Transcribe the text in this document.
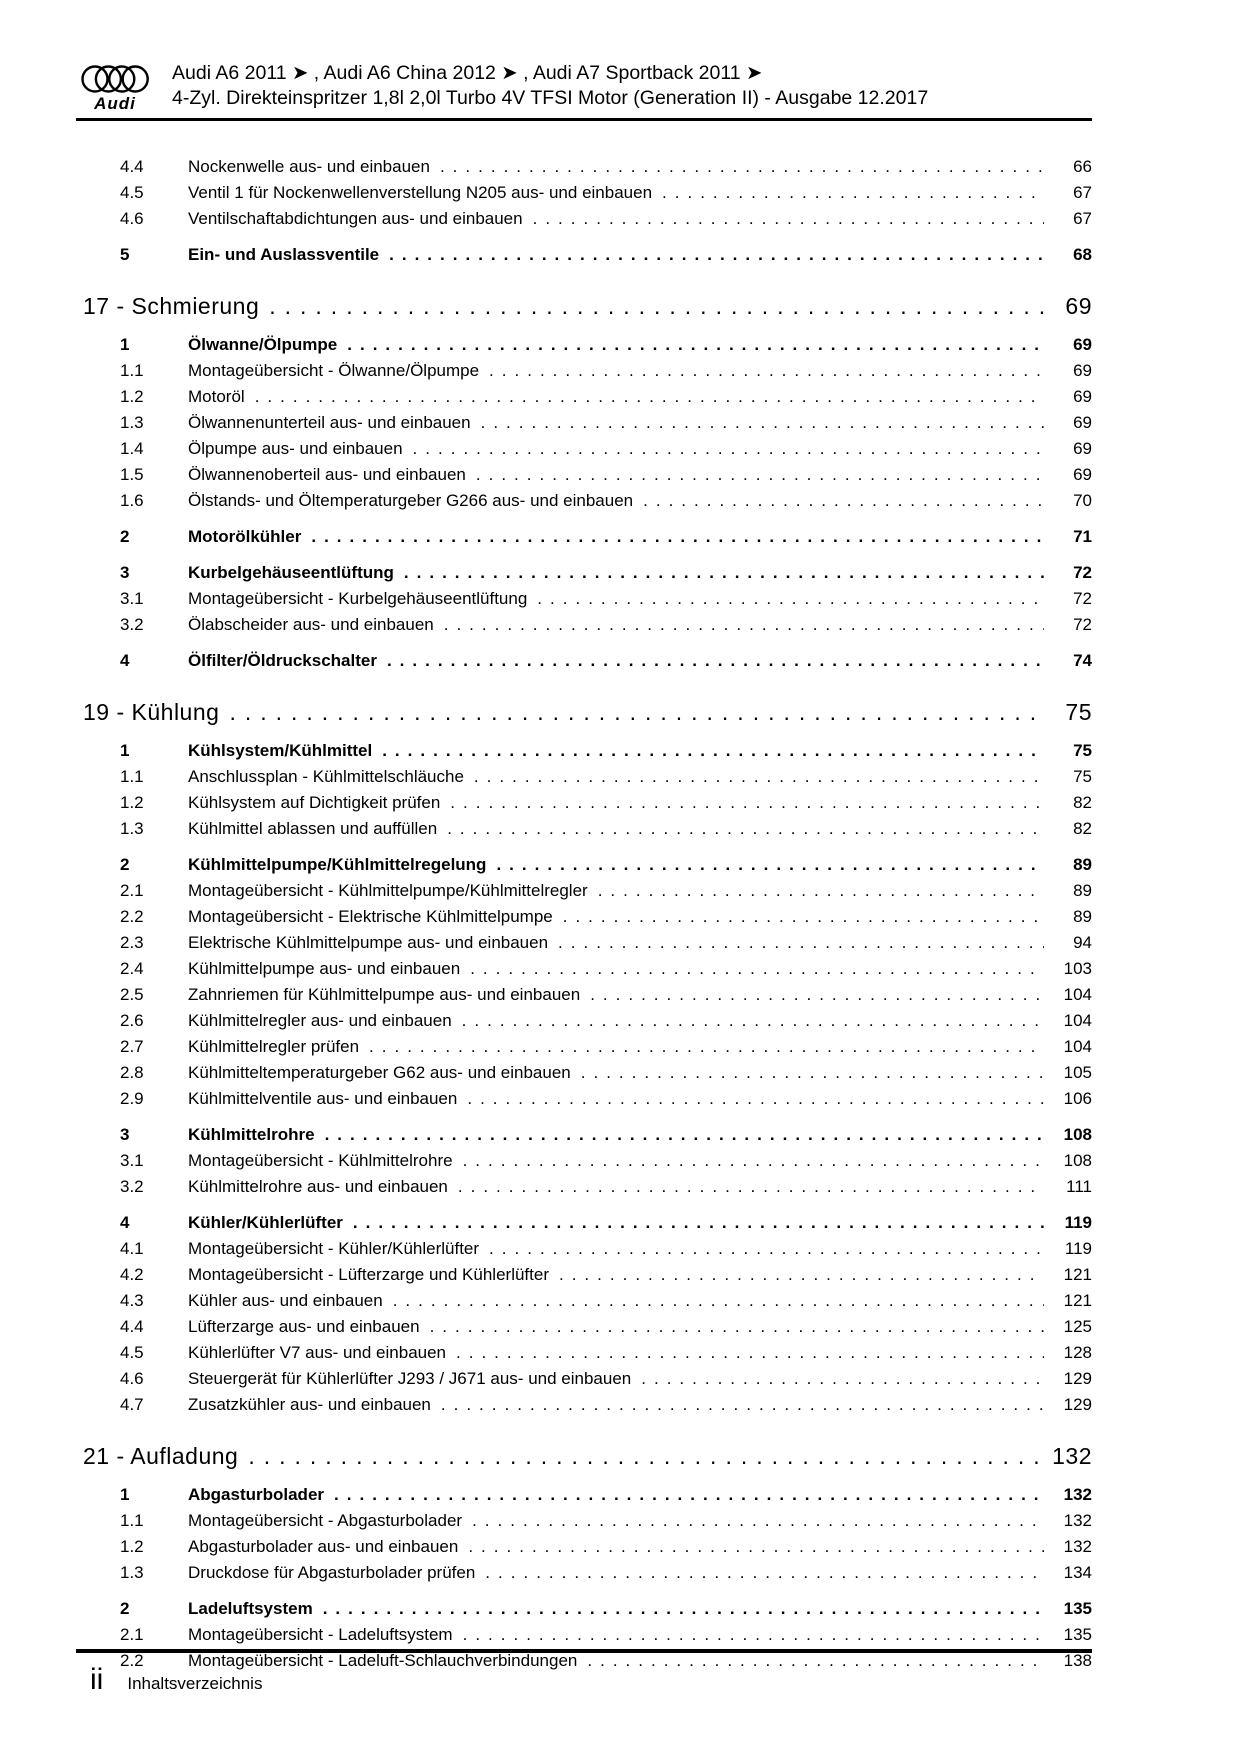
Audi
Audi A6 2011 ➤ , Audi A6 China 2012 ➤ , Audi A7 Sportback 2011 ➤
4-Zyl. Direkteinspritzer 1,8l 2,0l Turbo 4V TFSI Motor (Generation II) - Ausgabe 12.2017
4.4	Nockenwelle aus- und einbauen .....	66
4.5	Ventil 1 für Nockenwellenverstellung N205 aus- und einbauen .....	67
4.6	Ventilschaftabdichtungen aus- und einbauen .....	67
5	Ein- und Auslassventile .....	68
17 - Schmierung .....	69
1	Ölwanne/Ölpumpe .....	69
1.1	Montageübersicht - Ölwanne/Ölpumpe .....	69
1.2	Motoröl .....	69
1.3	Ölwannenunterteil aus- und einbauen .....	69
1.4	Ölpumpe aus- und einbauen .....	69
1.5	Ölwannenoberteil aus- und einbauen .....	69
1.6	Ölstands- und Öltemperaturgeber G266 aus- und einbauen .....	70
2	Motorölkühler .....	71
3	Kurbelgehäuseentlüftung .....	72
3.1	Montageübersicht - Kurbelgehäuseentlüftung .....	72
3.2	Ölabscheider aus- und einbauen .....	72
4	Ölfilter/Öldruckschalter .....	74
19 - Kühlung .....	75
1	Kühlsystem/Kühlmittel .....	75
1.1	Anschlussplan - Kühlmittelschläuche .....	75
1.2	Kühlsystem auf Dichtigkeit prüfen .....	82
1.3	Kühlmittel ablassen und auffüllen .....	82
2	Kühlmittelpumpe/Kühlmittelregelung .....	89
2.1	Montageübersicht - Kühlmittelpumpe/Kühlmittelregler .....	89
2.2	Montageübersicht - Elektrische Kühlmittelpumpe .....	89
2.3	Elektrische Kühlmittelpumpe aus- und einbauen .....	94
2.4	Kühlmittelpumpe aus- und einbauen .....	103
2.5	Zahnriemen für Kühlmittelpumpe aus- und einbauen .....	104
2.6	Kühlmittelregler aus- und einbauen .....	104
2.7	Kühlmittelregler prüfen .....	104
2.8	Kühlmitteltemperaturgeber G62 aus- und einbauen .....	105
2.9	Kühlmittelventile aus- und einbauen .....	106
3	Kühlmittelrohre .....	108
3.1	Montageübersicht - Kühlmittelrohre .....	108
3.2	Kühlmittelrohre aus- und einbauen .....	111
4	Kühler/Kühlerlüfter .....	119
4.1	Montageübersicht - Kühler/Kühlerlüfter .....	119
4.2	Montageübersicht - Lüfterzarge und Kühlerlüfter .....	121
4.3	Kühler aus- und einbauen .....	121
4.4	Lüfterzarge aus- und einbauen .....	125
4.5	Kühlerlüfter V7 aus- und einbauen .....	128
4.6	Steuergerät für Kühlerlüfter J293 / J671 aus- und einbauen .....	129
4.7	Zusatzkühler aus- und einbauen .....	129
21 - Aufladung .....	132
1	Abgasturbolader .....	132
1.1	Montageübersicht - Abgasturbolader .....	132
1.2	Abgasturbolader aus- und einbauen .....	132
1.3	Druckdose für Abgasturbolader prüfen .....	134
2	Ladeluftsystem .....	135
2.1	Montageübersicht - Ladeluftsystem .....	135
2.2	Montageübersicht - Ladeluft-Schlauchverbindungen .....	138
ii Inhaltsverzeichnis
